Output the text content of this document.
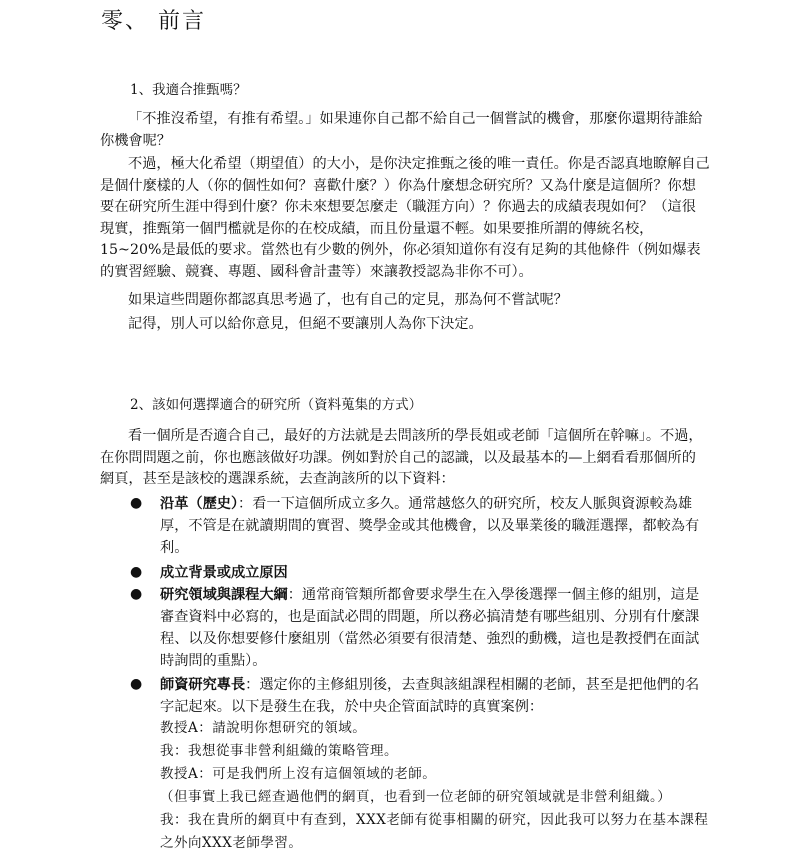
零、 前言
1、我適合推甄嗎？

「不推沒希望，有推有希望。」如果連你自己都不給自己一個嘗試的機會，那麼你還期待誰給你機會呢？

不過，極大化希望（期望值）的大小，是你決定推甄之後的唯一責任。你是否認真地瞭解自己是個什麼樣的人（你的個性如何？喜歡什麼？）你為什麼想念研究所？又為什麼是這個所？你想要在研究所生涯中得到什麼？你未來想要怎麼走（職涯方向）？你過去的成績表現如何？（這很現實，推甄第一個門檻就是你的在校成績，而且份量還不輕。如果要推所謂的傳統名校，15~20%是最低的要求。當然也有少數的例外，你必須知道你有沒有足夠的其他條件（例如爆表的實習經驗、競賽、專題、國科會計畫等）來讓教授認為非你不可）。

如果這些問題你都認真思考過了，也有自己的定見，那為何不嘗試呢？

記得，別人可以給你意見，但絕不要讓別人為你下決定。

2、該如何選擇適合的研究所（資料蒐集的方式）

看一個所是否適合自己，最好的方法就是去問該所的學長姐或老師「這個所在幹嘛」。不過，在你問問題之前，你也應該做好功課。例如對於自己的認識，以及最基本的—上網看看那個所的網頁，甚至是該校的選課系統，去查詢該所的以下資料：

●	沿革（歷史）：看一下這個所成立多久。通常越悠久的研究所，校友人脈與資源較為雄厚，不管是在就讀期間的實習、獎學金或其他機會，以及畢業後的職涯選擇，都較為有利。

●	成立背景或成立原因

●	研究領域與課程大綱：通常商管類所都會要求學生在入學後選擇一個主修的組別，這是審查資料中必寫的，也是面試必問的問題，所以務必搞清楚有哪些組別、分別有什麼課程、以及你想要修什麼組別（當然必須要有很清楚、強烈的動機，這也是教授們在面試時詢問的重點）。

●	師資研究專長：選定你的主修組別後，去查與該組課程相關的老師，甚至是把他們的名字記起來。以下是發生在我，於中央企管面試時的真實案例：

教授A：請說明你想研究的領域。

我：我想從事非營利組織的策略管理。

教授A：可是我們所上沒有這個領域的老師。

（但事實上我已經查過他們的網頁，也看到一位老師的研究領域就是非營利組織。）

我：我在貴所的網頁中有查到，XXX老師有從事相關的研究，因此我可以努力在基本課程之外向XXX老師學習。
